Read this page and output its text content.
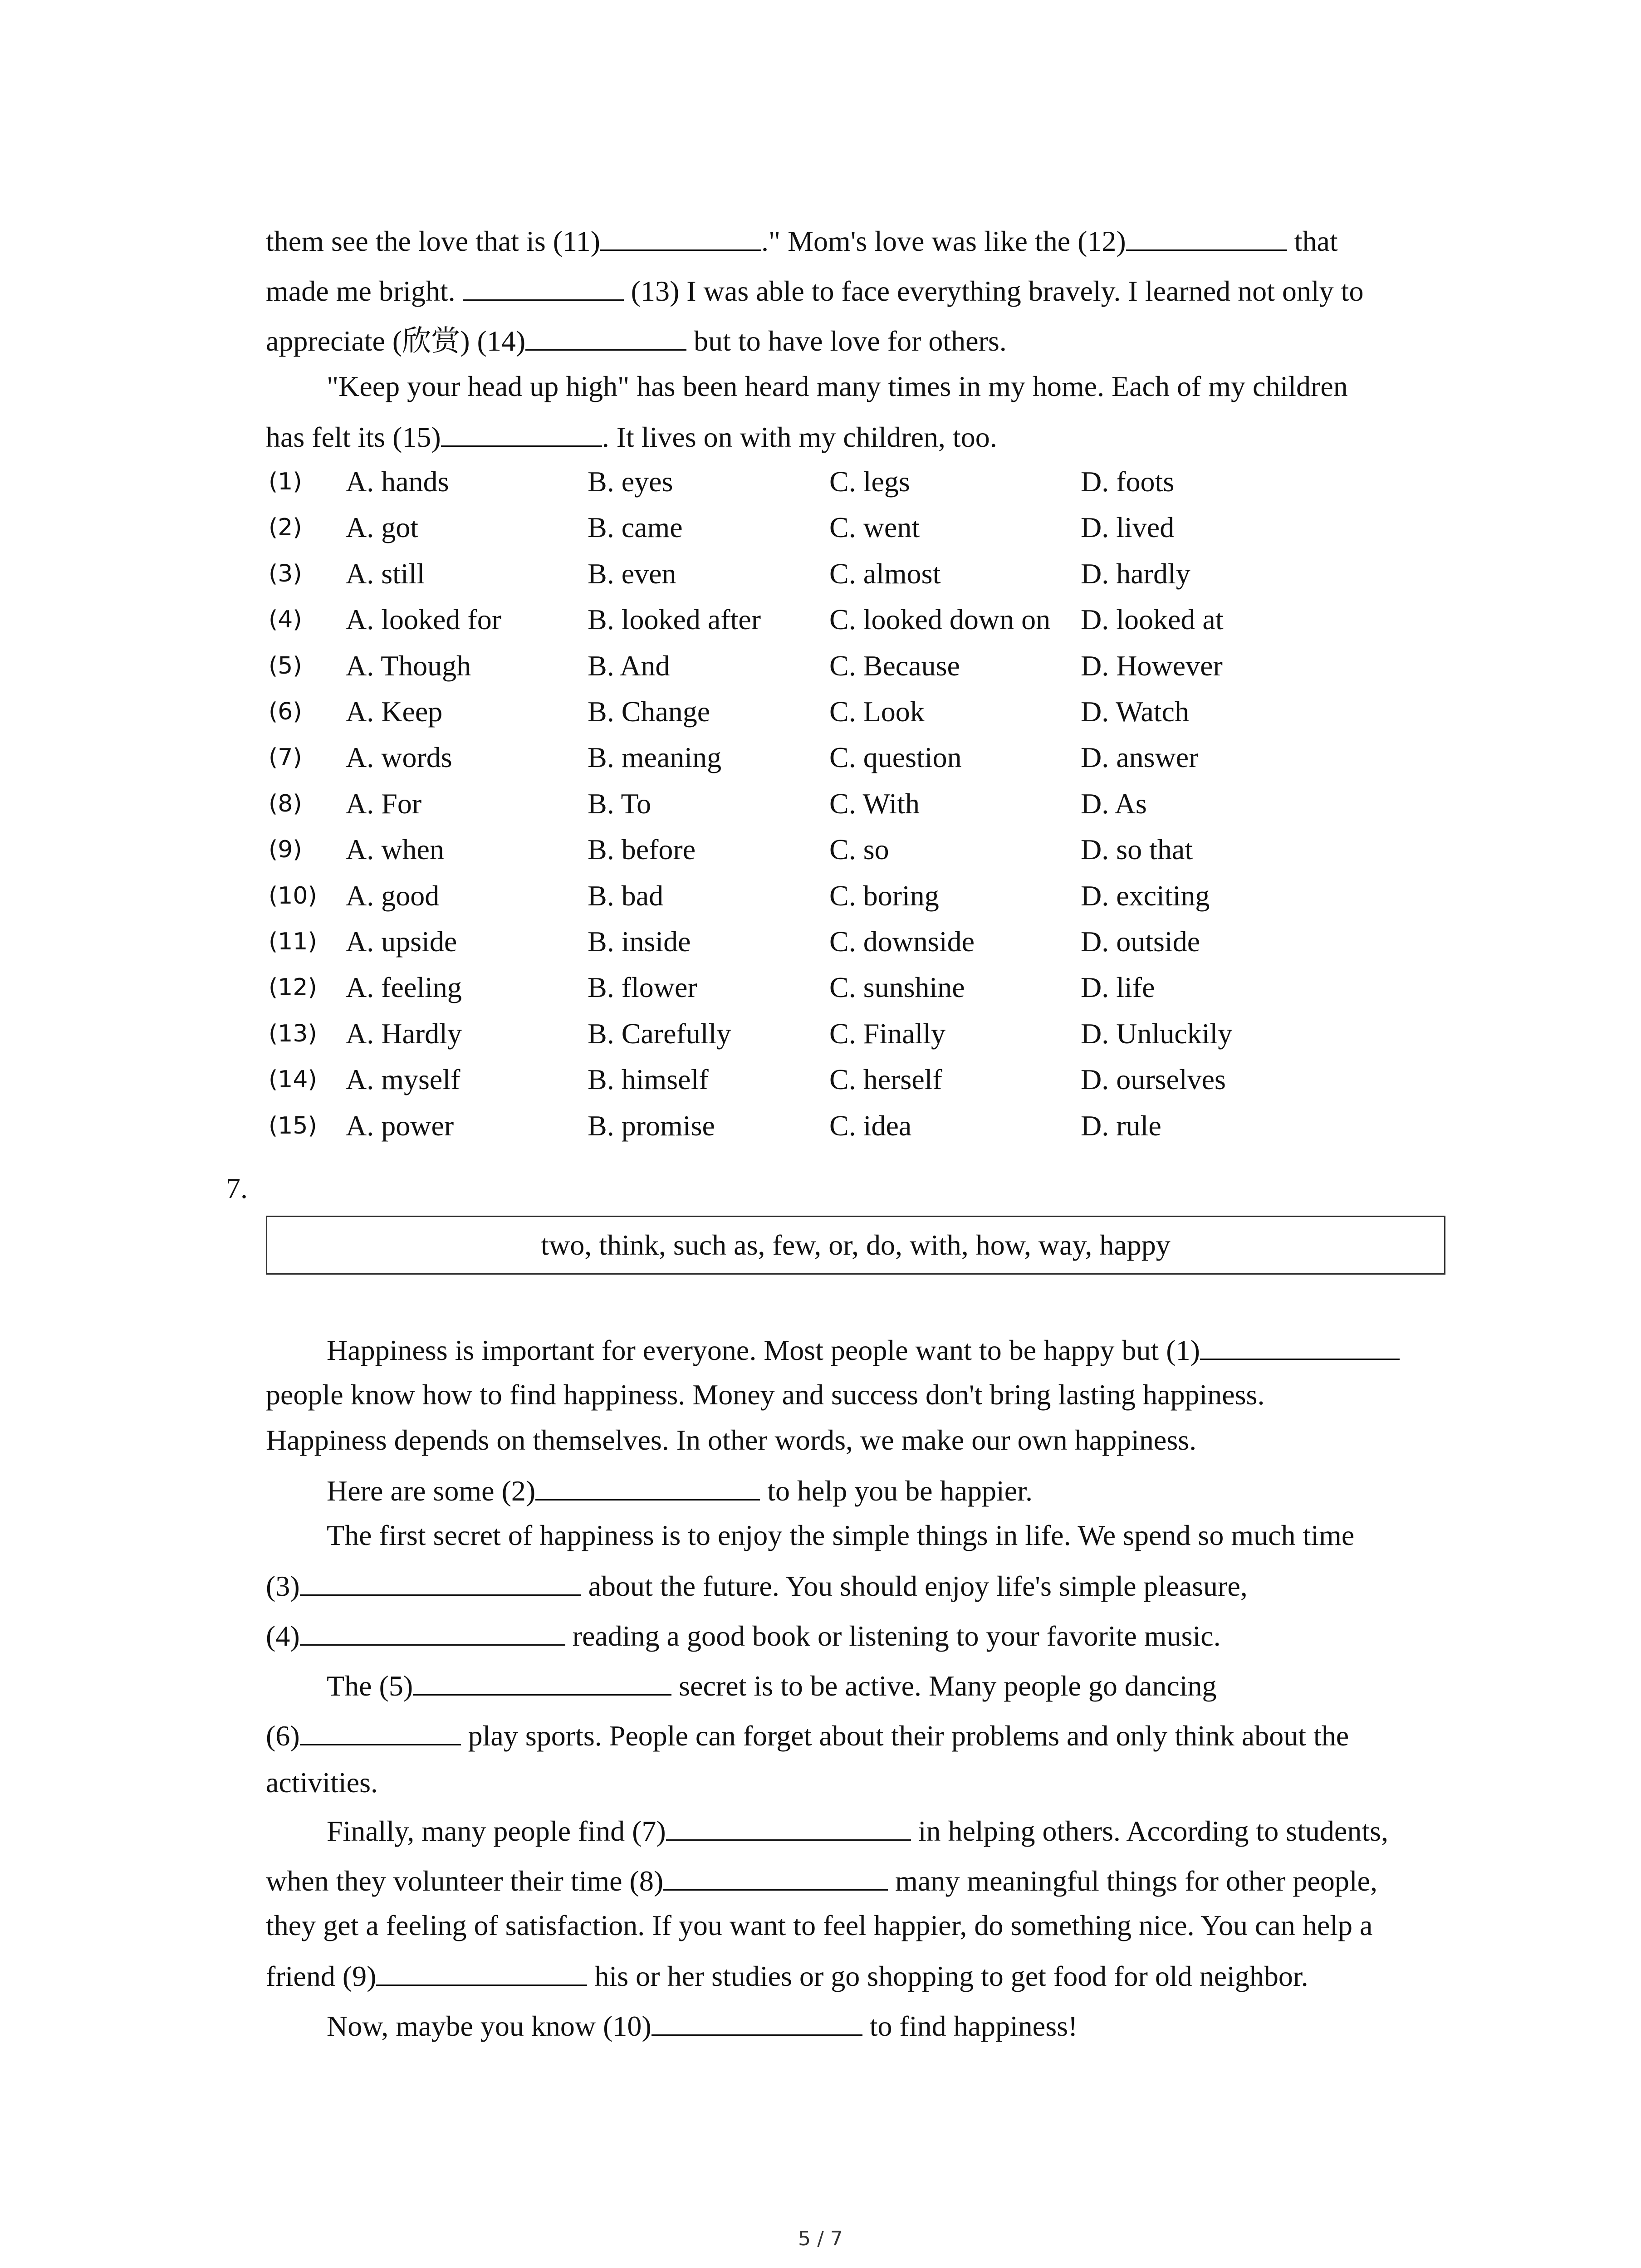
them see the love that is (11)	." Mom's love was like the (12)	that
made me bright.	(13) I was able to face everything bravely. I learned not only to
appreciate (欣赏) (14)	but to have love for others.
"Keep your head up high" has been heard many times in my home. Each of my children
has felt its (15)	. It lives on with my children, too.
(1) A. hands	B. eyes	C. legs	D. foots
(2) A. got	B. came	C. went	D. lived
(3) A. still	B. even	C. almost	D. hardly
(4) A. looked for	B. looked after C. looked down on D. looked at
(5) A. Though	B. And	C. Because	D. However
(6) A. Keep	B. Change	C. Look	D. Watch
(7) A. words	B. meaning	C. question	D. answer
(8) A. For	B. To	C. With	D. As
(9) A. when	B. before	C. so	D. so that
(10) A. good	B. bad	C. boring	D. exciting
(11) A. upside	B. inside	C. downside	D. outside
(12) A. feeling	B. flower	C. sunshine	D. life
(13) A. Hardly	B. Carefully	C. Finally	D. Unluckily
(14) A. myself	B. himself	C. herself	D. ourselves
(15) A. power	B. promise	C. idea	D. rule
7.
two, think, such as, few, or, do, with, how, way, happy
Happiness is important for everyone. Most people want to be happy but (1)
people know how to find happiness. Money and success don't bring lasting happiness.
Happiness depends on themselves. In other words, we make our own happiness.
Here are some (2)	to help you be happier.
The first secret of happiness is to enjoy the simple things in life. We spend so much time
(3)	about the future. You should enjoy life's simple pleasure,
(4)	reading a good book or listening to your favorite music.
The (5)	secret is to be active. Many people go dancing
(6)	play sports. People can forget about their problems and only think about the
activities.
Finally, many people find (7)	in helping others. According to students,
when they volunteer their time (8)	many meaningful things for other people,
they get a feeling of satisfaction. If you want to feel happier, do something nice. You can help a
friend (9)	his or her studies or go shopping to get food for old neighbor.
Now, maybe you know (10)	to find happiness!
5 / 7
